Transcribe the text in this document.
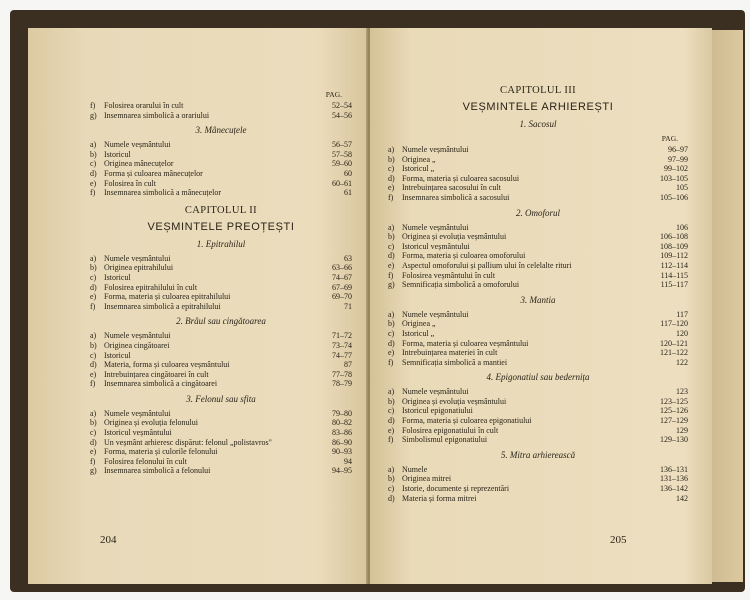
PAG.
f)	Folosirea orarului în cult	52–54
g) Insemnarea simbolică a orariului	54–56
3. Mânecuțele
a) Numele veșmântului	56–57
b) Istoricul	57–58
c) Originea mânecuțelor	59–60
d) Forma și culoarea mânecuțelor	60
e) Folosirea în cult	60–61
f)	Insemnarea simbolică a mânecuțelor	61
CAPITOLUL II
VEȘMINTELE PREOȚEȘTI
1. Epitrahilul
a) Numele veșmântului	63
b) Originea epitrahilului	63–66
c) Istoricul	74–67
d) Folosirea epitrahilului în cult	67–69
e) Forma, materia și culoarea epitrahilului	69–70
f)	Insemnarea simbolică a epitrahilului	71
2. Brâul sau cingătoarea
a) Numele veșmântului	71–72
b) Originea cingătoarei	73–74
c) Istoricul	74–77
d) Materia, forma și culoarea veșmântului	87
e) Intrebuințarea cingătoarei în cult	77–78
f)	Insemnarea simbolică a cingătoarei	78–79
3. Felonul sau sfita
a) Numele veșmântului	79–80
b) Originea și evoluția felonului	80–82
c) Istoricul veșmântului	83–86
d) Un veșmânt arhieresc dispărut: felonul „polistavros"	86–90
e) Forma, materia și culorile felonului	90–93
f)	Folosirea felonului în cult	94
g) Insemnarea simbolică a felonului	94–95
204
CAPITOLUL III
VEȘMINTELE ARHIEREȘTI
1. Sacosul
PAG.
a) Numele veșmântului	96–97
b) Originea „	97–99
c) Istoricul „	99–102
d) Forma, materia și culoarea sacosului	103–105
e) Intrebuințarea sacosului în cult	105
f)	Insemnarea simbolică a sacosului	105–106
2. Omoforul
a) Numele veșmântului	106
b) Originea și evoluția veșmântului	106–108
c) Istoricul veșmântului	108–109
d) Forma, materia și culoarea omoforului	109–112
e) Aspectul omoforului și pallium ului în celelalte rituri	112–114
f)	Folosirea veșmântului în cult	114–115
g) Semnificația simbolică a omoforului	115–117
3. Mantia
a) Numele veșmântului	117
b) Originea „	117–120
c) Istoricul „	120
d) Forma, materia și culoarea veșmântului	120–121
e) Intrebuințarea materiei în cult	121–122
f)	Semnificația simbolică a mantiei	122
4. Epigonatiul sau bedernița
a) Numele veșmântului	123
b) Originea și evoluția veșmântului	123–125
c) Istoricul epigonatiului	125–126
d) Forma, materia și culoarea epigonatiului	127–129
e) Folosirea epigonatiului în cult	129
f)	Simbolismul epigonatiului	129–130
5. Mitra arhierească
a) Numele	136–131
b) Originea mitrei	131–136
c) Istorie, documente și reprezentări	136–142
d) Materia și forma mitrei	142
205
